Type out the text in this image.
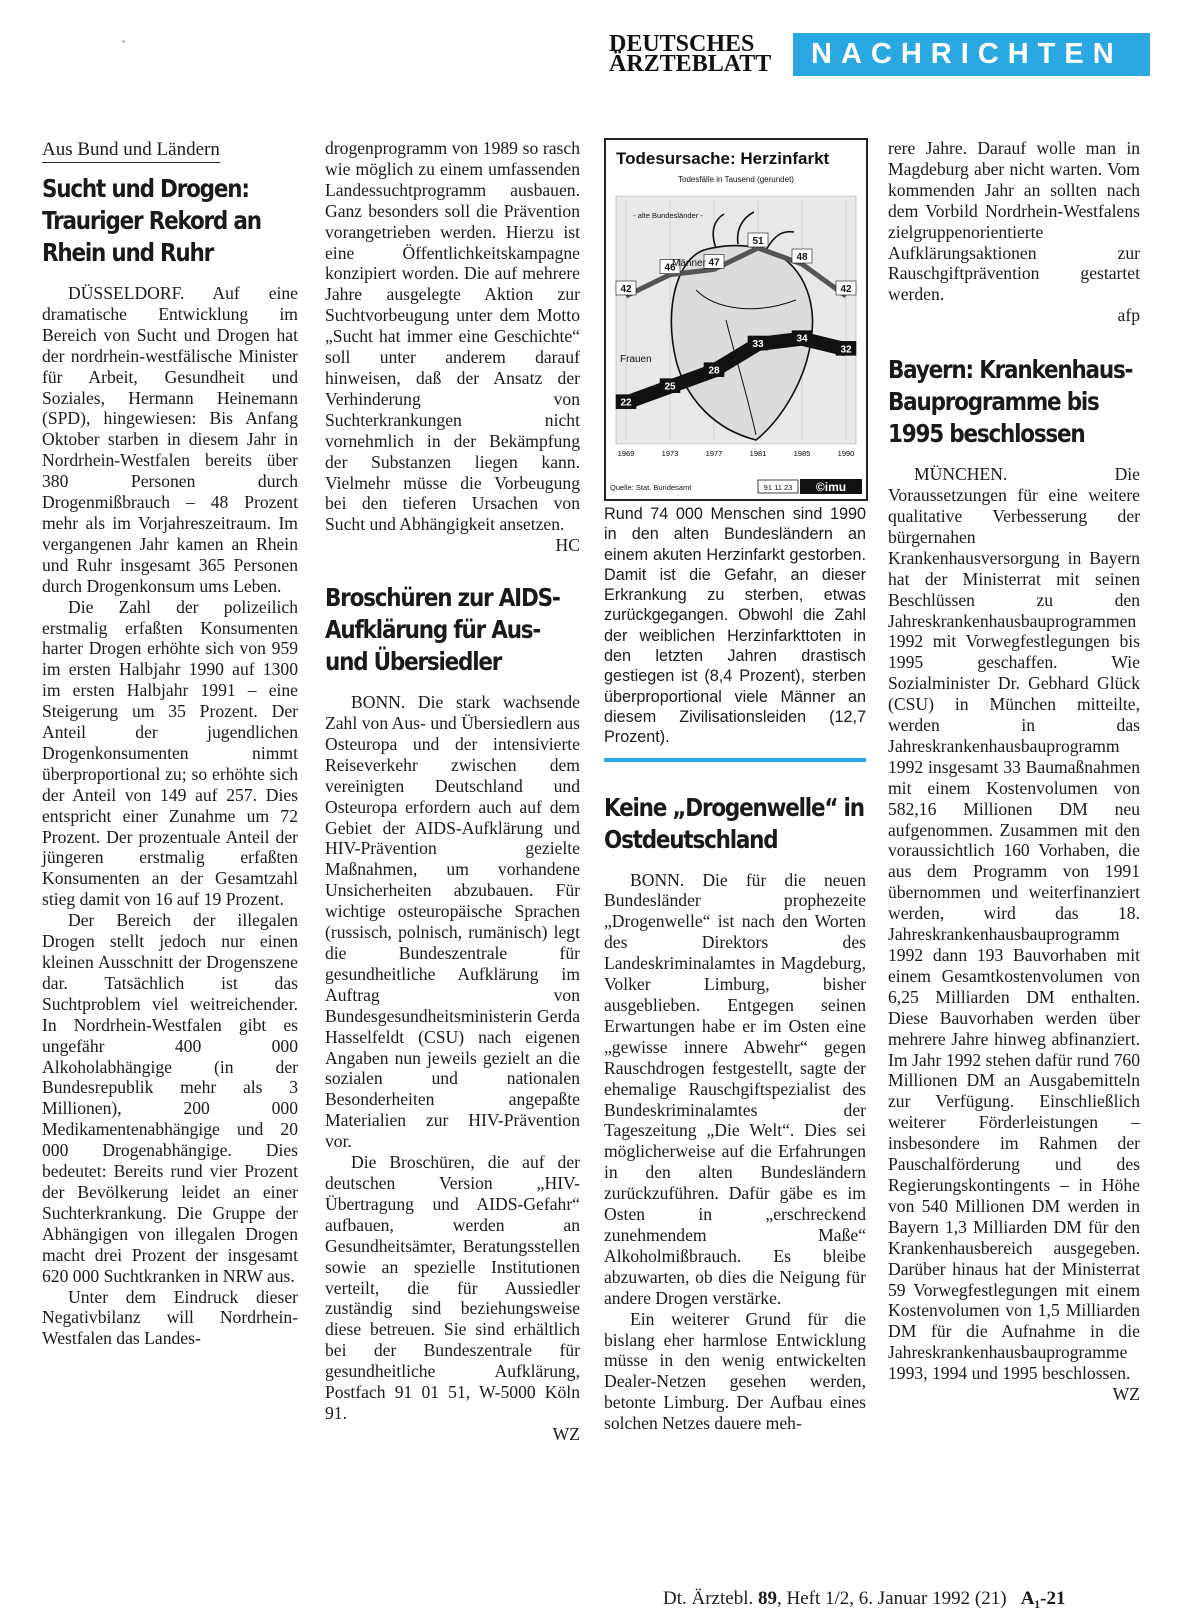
DEUTSCHES
ÄRZTEBLATT	NACHRICHTEN
Aus Bund und Ländern
Sucht und Drogen: Trauriger Rekord an Rhein und Ruhr

DÜSSELDORF. Auf eine dramatische Entwicklung im Bereich von Sucht und Drogen hat der nordrhein-westfälische Minister für Arbeit, Gesundheit und Soziales, Hermann Heinemann (SPD), hingewiesen: Bis Anfang Oktober starben in diesem Jahr in Nordrhein-Westfalen bereits über 380 Personen durch Drogenmißbrauch – 48 Prozent mehr als im Vorjahreszeitraum. Im vergangenen Jahr kamen an Rhein und Ruhr insgesamt 365 Personen durch Drogenkonsum ums Leben.

Die Zahl der polizeilich erstmalig erfaßten Konsumenten harter Drogen erhöhte sich von 959 im ersten Halbjahr 1990 auf 1300 im ersten Halbjahr 1991 – eine Steigerung um 35 Prozent. Der Anteil der jugendlichen Drogenkonsumenten nimmt überproportional zu; so erhöhte sich der Anteil von 149 auf 257. Dies entspricht einer Zunahme um 72 Prozent. Der prozentuale Anteil der jüngeren erstmalig erfaßten Konsumenten an der Gesamtzahl stieg damit von 16 auf 19 Prozent.

Der Bereich der illegalen Drogen stellt jedoch nur einen kleinen Ausschnitt der Drogenszene dar. Tatsächlich ist das Suchtproblem viel weitreichender. In Nordrhein-Westfalen gibt es ungefähr 400 000 Alkoholabhängige (in der Bundesrepublik mehr als 3 Millionen), 200 000 Medikamentenabhängige und 20 000 Drogenabhängige. Dies bedeutet: Bereits rund vier Prozent der Bevölkerung leidet an einer Suchterkrankung. Die Gruppe der Abhängigen von illegalen Drogen macht drei Prozent der insgesamt 620 000 Suchtkranken in NRW aus.

Unter dem Eindruck dieser Negativbilanz will Nordrhein-Westfalen das Landes-

drogenprogramm von 1989 so rasch wie möglich zu einem umfassenden Landessuchtprogramm ausbauen. Ganz besonders soll die Prävention vorangetrieben werden. Hierzu ist eine Öffentlichkeitskampagne konzipiert worden. Die auf mehrere Jahre ausgelegte Aktion zur Suchtvorbeugung unter dem Motto „Sucht hat immer eine Geschichte“ soll unter anderem darauf hinweisen, daß der Ansatz der Verhinderung von Suchterkrankungen nicht vornehmlich in der Bekämpfung der Substanzen liegen kann. Vielmehr müsse die Vorbeugung bei den tieferen Ursachen von Sucht und Abhängigkeit ansetzen.

HC
Broschüren zur AIDS-Aufklärung für Aus- und Übersiedler

BONN. Die stark wachsende Zahl von Aus- und Übersiedlern aus Osteuropa und der intensivierte Reiseverkehr zwischen dem vereinigten Deutschland und Osteuropa erfordern auch auf dem Gebiet der AIDS-Aufklärung und HIV-Prävention gezielte Maßnahmen, um vorhandene Unsicherheiten abzubauen. Für wichtige osteuropäische Sprachen (russisch, polnisch, rumänisch) legt die Bundeszentrale für gesundheitliche Aufklärung im Auftrag von Bundesgesundheitsministerin Gerda Hasselfeldt (CSU) nach eigenen Angaben nun jeweils gezielt an die sozialen und nationalen Besonderheiten angepaßte Materialien zur HIV-Prävention vor.

Die Broschüren, die auf der deutschen Version „HIV-Übertragung und AIDS-Gefahr“ aufbauen, werden an Gesundheitsämter, Beratungsstellen sowie an spezielle Institutionen verteilt, die für Aussiedler zuständig sind beziehungsweise diese betreuen. Sie sind erhältlich bei der Bundeszentrale für gesundheitliche Aufklärung, Postfach 91 01 51, W-5000 Köln 91.

WZ
Todesursache: Herzinfarkt
Todesfälle in Tausend (gerundet)
- alte Bundesländer -
42
46	47
51
48
42
22
25
28
33	34
32
1969	1973	1977	1981	1985	1990
Männer
Frauen
Quelle: Stat. Bundesamt	91 11 23 ©imu
Rund 74 000 Menschen sind 1990 in den alten Bundesländern an einem akuten Herzinfarkt gestorben. Damit ist die Gefahr, an dieser Erkrankung zu sterben, etwas zurückgegangen. Obwohl die Zahl der weiblichen Herzinfarkttoten in den letzten Jahren drastisch gestiegen ist (8,4 Prozent), sterben überproportional viele Männer an diesem Zivilisationsleiden (12,7 Prozent).
Keine „Drogenwelle“ in Ostdeutschland

BONN. Die für die neuen Bundesländer prophezeite „Drogenwelle“ ist nach den Worten des Direktors des Landeskriminalamtes in Magdeburg, Volker Limburg, bisher ausgeblieben. Entgegen seinen Erwartungen habe er im Osten eine „gewisse innere Abwehr“ gegen Rauschdrogen festgestellt, sagte der ehemalige Rauschgiftspezialist des Bundeskriminalamtes der Tageszeitung „Die Welt“. Dies sei möglicherweise auf die Erfahrungen in den alten Bundesländern zurückzuführen. Dafür gäbe es im Osten in „erschreckend zunehmendem Maße“ Alkoholmißbrauch. Es bleibe abzuwarten, ob dies die Neigung für andere Drogen verstärke.

Ein weiterer Grund für die bislang eher harmlose Entwicklung müsse in den wenig entwickelten Dealer-Netzen gesehen werden, betonte Limburg. Der Aufbau eines solchen Netzes dauere meh-

rere Jahre. Darauf wolle man in Magdeburg aber nicht warten. Vom kommenden Jahr an sollten nach dem Vorbild Nordrhein-Westfalens zielgruppenorientierte Aufklärungsaktionen zur Rauschgiftprävention gestartet werden.

afp
Bayern: Krankenhaus-Bauprogramme bis 1995 beschlossen

MÜNCHEN. Die Voraussetzungen für eine weitere qualitative Verbesserung der bürgernahen Krankenhausversorgung in Bayern hat der Ministerrat mit seinen Beschlüssen zu den Jahreskrankenhausbauprogrammen 1992 mit Vorwegfestlegungen bis 1995 geschaffen. Wie Sozialminister Dr. Gebhard Glück (CSU) in München mitteilte, werden in das Jahreskrankenhausbauprogramm 1992 insgesamt 33 Baumaßnahmen mit einem Kostenvolumen von 582,16 Millionen DM neu aufgenommen. Zusammen mit den voraussichtlich 160 Vorhaben, die aus dem Programm von 1991 übernommen und weiterfinanziert werden, wird das 18. Jahreskrankenhausbauprogramm 1992 dann 193 Bauvorhaben mit einem Gesamtkostenvolumen von 6,25 Milliarden DM enthalten. Diese Bauvorhaben werden über mehrere Jahre hinweg abfinanziert. Im Jahr 1992 stehen dafür rund 760 Millionen DM an Ausgabemitteln zur Verfügung. Einschließlich weiterer Förderleistungen – insbesondere im Rahmen der Pauschalförderung und des Regierungskontingents – in Höhe von 540 Millionen DM werden in Bayern 1,3 Milliarden DM für den Krankenhausbereich ausgegeben. Darüber hinaus hat der Ministerrat 59 Vorwegfestlegungen mit einem Kostenvolumen von 1,5 Milliarden DM für die Aufnahme in die Jahreskrankenhausbauprogramme 1993, 1994 und 1995 beschlossen.

WZ
Dt. Ärztebl. 89, Heft 1/2, 6. Januar 1992 (21) A₁-21
